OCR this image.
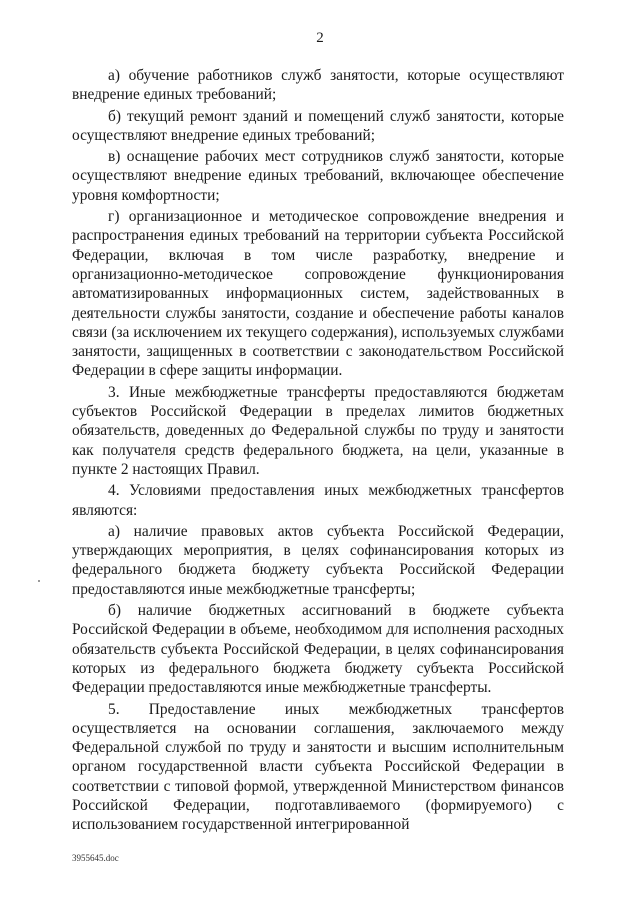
2

а) обучение работников служб занятости, которые осуществляют внедрение единых требований;

б) текущий ремонт зданий и помещений служб занятости, которые осуществляют внедрение единых требований;

в) оснащение рабочих мест сотрудников служб занятости, которые осуществляют внедрение единых требований, включающее обеспечение уровня комфортности;

г) организационное и методическое сопровождение внедрения и распространения единых требований на территории субъекта Российской Федерации, включая в том числе разработку, внедрение и организационно-методическое сопровождение функционирования автоматизированных информационных систем, задействованных в деятельности службы занятости, создание и обеспечение работы каналов связи (за исключением их текущего содержания), используемых службами занятости, защищенных в соответствии с законодательством Российской Федерации в сфере защиты информации.

3. Иные межбюджетные трансферты предоставляются бюджетам субъектов Российской Федерации в пределах лимитов бюджетных обязательств, доведенных до Федеральной службы по труду и занятости как получателя средств федерального бюджета, на цели, указанные в пункте 2 настоящих Правил.

4. Условиями предоставления иных межбюджетных трансфертов являются:

а) наличие правовых актов субъекта Российской Федерации, утверждающих мероприятия, в целях софинансирования которых из федерального бюджета бюджету субъекта Российской Федерации предоставляются иные межбюджетные трансферты;

б) наличие бюджетных ассигнований в бюджете субъекта Российской Федерации в объеме, необходимом для исполнения расходных обязательств субъекта Российской Федерации, в целях софинансирования которых из федерального бюджета бюджету субъекта Российской Федерации предоставляются иные межбюджетные трансферты.

5. Предоставление иных межбюджетных трансфертов осуществляется на основании соглашения, заключаемого между Федеральной службой по труду и занятости и высшим исполнительным органом государственной власти субъекта Российской Федерации в соответствии с типовой формой, утвержденной Министерством финансов Российской Федерации, подготавливаемого (формируемого) с использованием государственной интегрированной

3955645.doc
